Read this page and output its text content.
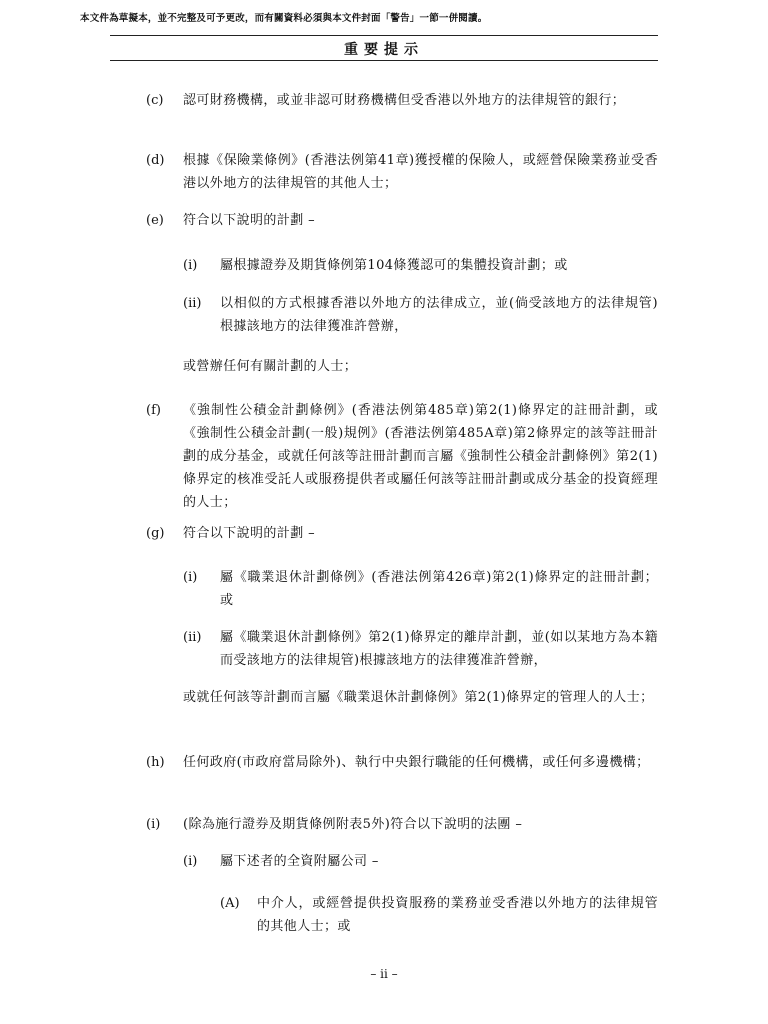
本文件為草擬本，並不完整及可予更改，而有關資料必須與本文件封面「警告」一節一併閱讀。
重要提示
(c) 認可財務機構，或並非認可財務機構但受香港以外地方的法律規管的銀行；
(d) 根據《保險業條例》(香港法例第41章)獲授權的保險人，或經營保險業務並受香港以外地方的法律規管的其他人士；
(e) 符合以下說明的計劃 –
(i) 屬根據證券及期貨條例第104條獲認可的集體投資計劃；或
(ii) 以相似的方式根據香港以外地方的法律成立，並(倘受該地方的法律規管)根據該地方的法律獲准許營辦，
或營辦任何有關計劃的人士；
(f) 《強制性公積金計劃條例》(香港法例第485章)第2(1)條界定的註冊計劃，或《強制性公積金計劃(一般)規例》(香港法例第485A章)第2條界定的該等註冊計劃的成分基金，或就任何該等註冊計劃而言屬《強制性公積金計劃條例》第2(1)條界定的核准受託人或服務提供者或屬任何該等註冊計劃或成分基金的投資經理的人士；
(g) 符合以下說明的計劃 –
(i) 屬《職業退休計劃條例》(香港法例第426章)第2(1)條界定的註冊計劃；或
(ii) 屬《職業退休計劃條例》第2(1)條界定的離岸計劃，並(如以某地方為本籍而受該地方的法律規管)根據該地方的法律獲准許營辦，
或就任何該等計劃而言屬《職業退休計劃條例》第2(1)條界定的管理人的人士；
(h) 任何政府(市政府當局除外)、執行中央銀行職能的任何機構，或任何多邊機構；
(i) (除為施行證券及期貨條例附表5外)符合以下說明的法團 –
(i) 屬下述者的全資附屬公司 –
(A) 中介人，或經營提供投資服務的業務並受香港以外地方的法律規管的其他人士；或
– ii –
